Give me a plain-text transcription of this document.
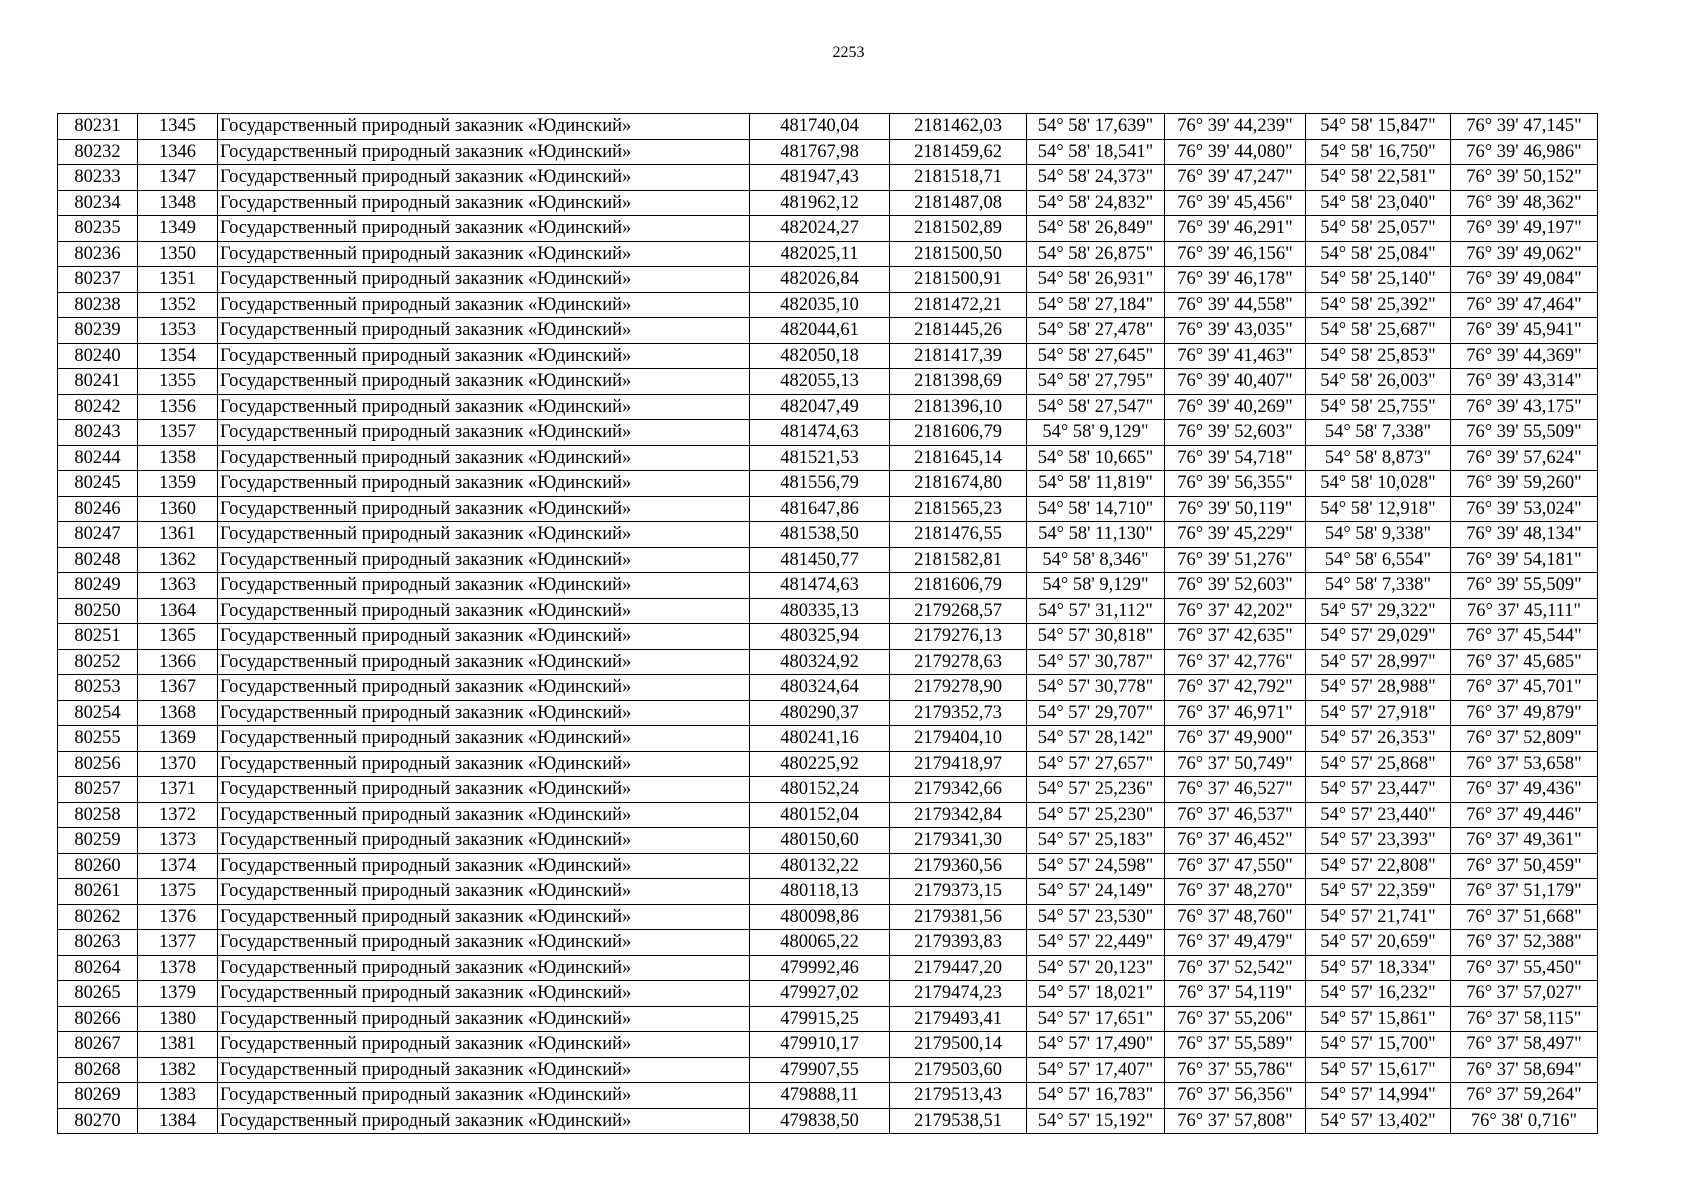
2253
80231	1345	Государственный природный заказник «Юдинский»	481740,04	2181462,03	54° 58' 17,639"	76° 39' 44,239"	54° 58' 15,847"	76° 39' 47,145"
80232	1346	Государственный природный заказник «Юдинский»	481767,98	2181459,62	54° 58' 18,541"	76° 39' 44,080"	54° 58' 16,750"	76° 39' 46,986"
80233	1347	Государственный природный заказник «Юдинский»	481947,43	2181518,71	54° 58' 24,373"	76° 39' 47,247"	54° 58' 22,581"	76° 39' 50,152"
80234	1348	Государственный природный заказник «Юдинский»	481962,12	2181487,08	54° 58' 24,832"	76° 39' 45,456"	54° 58' 23,040"	76° 39' 48,362"
80235	1349	Государственный природный заказник «Юдинский»	482024,27	2181502,89	54° 58' 26,849"	76° 39' 46,291"	54° 58' 25,057"	76° 39' 49,197"
80236	1350	Государственный природный заказник «Юдинский»	482025,11	2181500,50	54° 58' 26,875"	76° 39' 46,156"	54° 58' 25,084"	76° 39' 49,062"
80237	1351	Государственный природный заказник «Юдинский»	482026,84	2181500,91	54° 58' 26,931"	76° 39' 46,178"	54° 58' 25,140"	76° 39' 49,084"
80238	1352	Государственный природный заказник «Юдинский»	482035,10	2181472,21	54° 58' 27,184"	76° 39' 44,558"	54° 58' 25,392"	76° 39' 47,464"
80239	1353	Государственный природный заказник «Юдинский»	482044,61	2181445,26	54° 58' 27,478"	76° 39' 43,035"	54° 58' 25,687"	76° 39' 45,941"
80240	1354	Государственный природный заказник «Юдинский»	482050,18	2181417,39	54° 58' 27,645"	76° 39' 41,463"	54° 58' 25,853"	76° 39' 44,369"
80241	1355	Государственный природный заказник «Юдинский»	482055,13	2181398,69	54° 58' 27,795"	76° 39' 40,407"	54° 58' 26,003"	76° 39' 43,314"
80242	1356	Государственный природный заказник «Юдинский»	482047,49	2181396,10	54° 58' 27,547"	76° 39' 40,269"	54° 58' 25,755"	76° 39' 43,175"
80243	1357	Государственный природный заказник «Юдинский»	481474,63	2181606,79	54° 58' 9,129"	76° 39' 52,603"	54° 58' 7,338"	76° 39' 55,509"
80244	1358	Государственный природный заказник «Юдинский»	481521,53	2181645,14	54° 58' 10,665"	76° 39' 54,718"	54° 58' 8,873"	76° 39' 57,624"
80245	1359	Государственный природный заказник «Юдинский»	481556,79	2181674,80	54° 58' 11,819"	76° 39' 56,355"	54° 58' 10,028"	76° 39' 59,260"
80246	1360	Государственный природный заказник «Юдинский»	481647,86	2181565,23	54° 58' 14,710"	76° 39' 50,119"	54° 58' 12,918"	76° 39' 53,024"
80247	1361	Государственный природный заказник «Юдинский»	481538,50	2181476,55	54° 58' 11,130"	76° 39' 45,229"	54° 58' 9,338"	76° 39' 48,134"
80248	1362	Государственный природный заказник «Юдинский»	481450,77	2181582,81	54° 58' 8,346"	76° 39' 51,276"	54° 58' 6,554"	76° 39' 54,181"
80249	1363	Государственный природный заказник «Юдинский»	481474,63	2181606,79	54° 58' 9,129"	76° 39' 52,603"	54° 58' 7,338"	76° 39' 55,509"
80250	1364	Государственный природный заказник «Юдинский»	480335,13	2179268,57	54° 57' 31,112"	76° 37' 42,202"	54° 57' 29,322"	76° 37' 45,111"
80251	1365	Государственный природный заказник «Юдинский»	480325,94	2179276,13	54° 57' 30,818"	76° 37' 42,635"	54° 57' 29,029"	76° 37' 45,544"
80252	1366	Государственный природный заказник «Юдинский»	480324,92	2179278,63	54° 57' 30,787"	76° 37' 42,776"	54° 57' 28,997"	76° 37' 45,685"
80253	1367	Государственный природный заказник «Юдинский»	480324,64	2179278,90	54° 57' 30,778"	76° 37' 42,792"	54° 57' 28,988"	76° 37' 45,701"
80254	1368	Государственный природный заказник «Юдинский»	480290,37	2179352,73	54° 57' 29,707"	76° 37' 46,971"	54° 57' 27,918"	76° 37' 49,879"
80255	1369	Государственный природный заказник «Юдинский»	480241,16	2179404,10	54° 57' 28,142"	76° 37' 49,900"	54° 57' 26,353"	76° 37' 52,809"
80256	1370	Государственный природный заказник «Юдинский»	480225,92	2179418,97	54° 57' 27,657"	76° 37' 50,749"	54° 57' 25,868"	76° 37' 53,658"
80257	1371	Государственный природный заказник «Юдинский»	480152,24	2179342,66	54° 57' 25,236"	76° 37' 46,527"	54° 57' 23,447"	76° 37' 49,436"
80258	1372	Государственный природный заказник «Юдинский»	480152,04	2179342,84	54° 57' 25,230"	76° 37' 46,537"	54° 57' 23,440"	76° 37' 49,446"
80259	1373	Государственный природный заказник «Юдинский»	480150,60	2179341,30	54° 57' 25,183"	76° 37' 46,452"	54° 57' 23,393"	76° 37' 49,361"
80260	1374	Государственный природный заказник «Юдинский»	480132,22	2179360,56	54° 57' 24,598"	76° 37' 47,550"	54° 57' 22,808"	76° 37' 50,459"
80261	1375	Государственный природный заказник «Юдинский»	480118,13	2179373,15	54° 57' 24,149"	76° 37' 48,270"	54° 57' 22,359"	76° 37' 51,179"
80262	1376	Государственный природный заказник «Юдинский»	480098,86	2179381,56	54° 57' 23,530"	76° 37' 48,760"	54° 57' 21,741"	76° 37' 51,668"
80263	1377	Государственный природный заказник «Юдинский»	480065,22	2179393,83	54° 57' 22,449"	76° 37' 49,479"	54° 57' 20,659"	76° 37' 52,388"
80264	1378	Государственный природный заказник «Юдинский»	479992,46	2179447,20	54° 57' 20,123"	76° 37' 52,542"	54° 57' 18,334"	76° 37' 55,450"
80265	1379	Государственный природный заказник «Юдинский»	479927,02	2179474,23	54° 57' 18,021"	76° 37' 54,119"	54° 57' 16,232"	76° 37' 57,027"
80266	1380	Государственный природный заказник «Юдинский»	479915,25	2179493,41	54° 57' 17,651"	76° 37' 55,206"	54° 57' 15,861"	76° 37' 58,115"
80267	1381	Государственный природный заказник «Юдинский»	479910,17	2179500,14	54° 57' 17,490"	76° 37' 55,589"	54° 57' 15,700"	76° 37' 58,497"
80268	1382	Государственный природный заказник «Юдинский»	479907,55	2179503,60	54° 57' 17,407"	76° 37' 55,786"	54° 57' 15,617"	76° 37' 58,694"
80269	1383	Государственный природный заказник «Юдинский»	479888,11	2179513,43	54° 57' 16,783"	76° 37' 56,356"	54° 57' 14,994"	76° 37' 59,264"
80270	1384	Государственный природный заказник «Юдинский»	479838,50	2179538,51	54° 57' 15,192"	76° 37' 57,808"	54° 57' 13,402"	76° 38' 0,716"
